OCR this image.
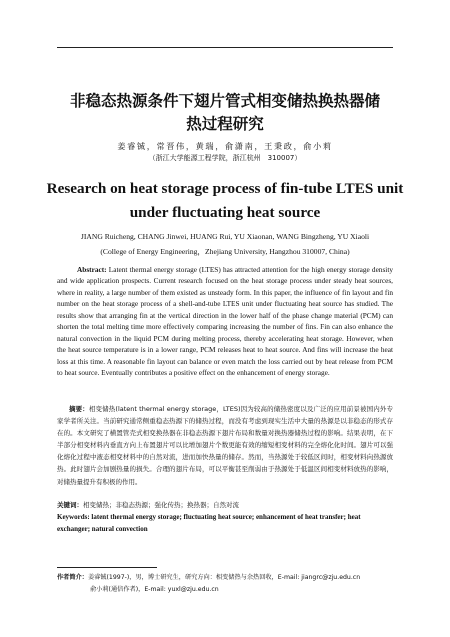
非稳态热源条件下翅片管式相变储热换热器储
热过程研究

姜睿铖，常晋伟，黄瑞，俞潇南，王秉政，俞小莉

（浙江大学能源工程学院，浙江杭州　310007）

Research on heat storage process of fin-tube LTES unit
under fluctuating heat source

JIANG Ruicheng, CHANG Jinwei, HUANG Rui, YU Xiaonan, WANG Bingzheng, YU Xiaoli

(College of Energy Engineering，Zhejiang University, Hangzhou 310007, China)

Abstract: Latent thermal energy storage (LTES) has attracted attention for the high energy storage density and wide application prospects. Current research focused on the heat storage process under steady heat sources, where in reality, a large number of them existed as unsteady form. In this paper, the influence of fin layout and fin number on the heat storage process of a shell-and-tube LTES unit under fluctuating heat source has studied. The results show that arranging fin at the vertical direction in the lower half of the phase change material (PCM) can shorten the total melting time more effectively comparing increasing the number of fins. Fin can also enhance the natural convection in the liquid PCM during melting process, thereby accelerating heat storage. However, when the heat source temperature is in a lower range, PCM releases heat to heat source. And fins will increase the heat loss at this time. A reasonable fin layout can balance or even match the loss carried out by heat release from PCM to heat source. Eventually contributes a positive effect on the enhancement of energy storage.

摘要：相变储热(latent thermal energy storage，LTES)因为较高的储热密度以及广泛的应用前景被国内外专家学者所关注。当前研究通常侧重稳态热源下的储热过程，而没有考虑到现实生活中大量的热源是以非稳态的形式存在的。本文研究了横置管壳式相变换热器在非稳态热源下翅片布局和数量对换热器储热过程的影响。结果表明，在下半部分相变材料内垂直方向上布置翅片可以比增加翅片个数更能有效的缩短相变材料的完全熔化化时间。翅片可以强化熔化过程中液态相变材料中的自然对流，进而加快热量的储存。然而，当热源处于较低区间时，相变材料向热源放热。此时翅片会加剧热量的损失。合理的翅片布局，可以平衡甚至削弱由于热源处于低温区间相变材料放热的影响，对储热量提升有积极的作用。

关键词：相变储热；非稳态热源；强化传热；换热器；自然对流

Keywords: latent thermal energy storage; fluctuating heat source; enhancement of heat transfer; heat exchanger; natural convection

作者简介：姜睿铖(1997-)，男，博士研究生，研究方向：相变储热与余热回收，E-mail: jiangrc@zju.edu.cn
俞小莉(通信作者)，E-mail: yuxl@zju.edu.cn
